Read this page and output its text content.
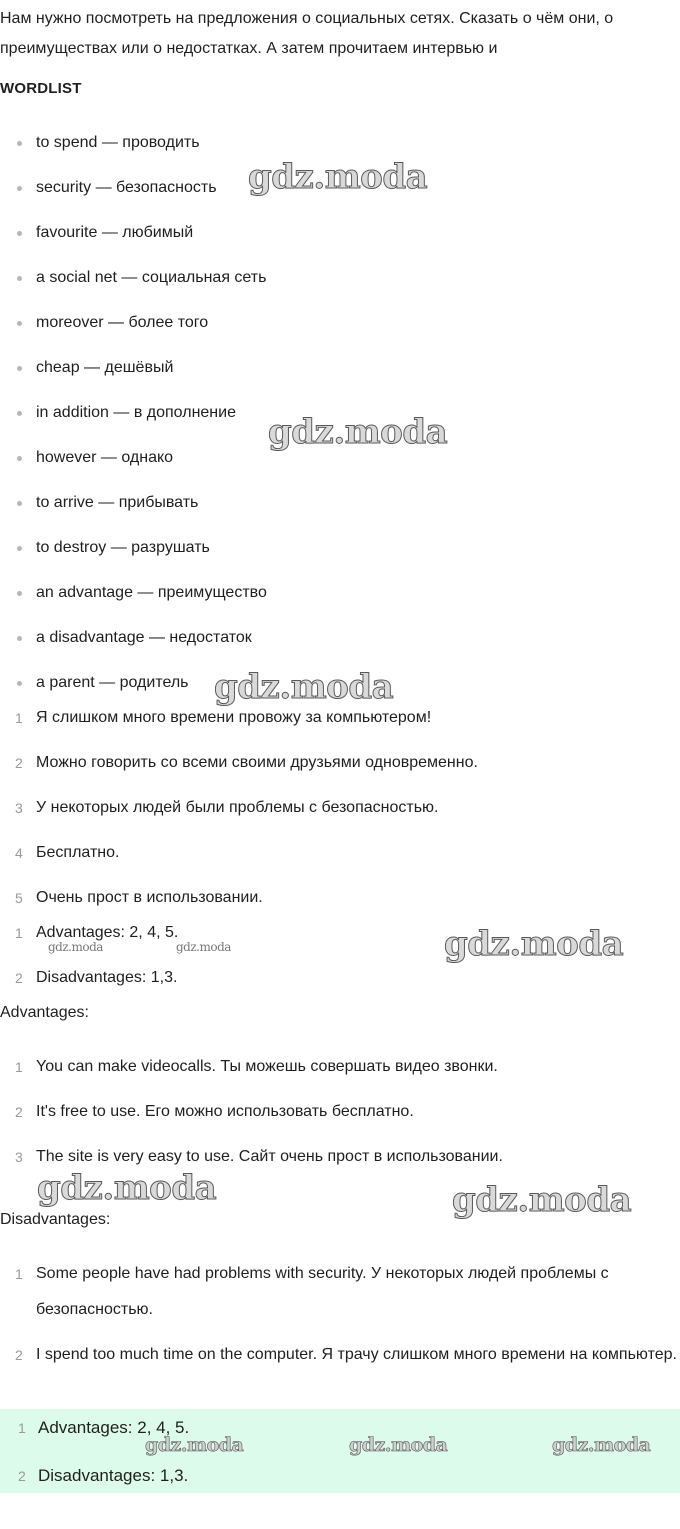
Нам нужно посмотреть на предложения о социальных сетях. Сказать о чём они, о преимуществах или о недостатках. А затем прочитаем интервью и

WORDLIST
to spend — проводить
security — безопасность
favourite — любимый
a social net — социальная сеть
moreover — более того
cheap — дешёвый
in addition — в дополнение
however — однако
to arrive — прибывать
to destroy — разрушать
an advantage — преимущество
a disadvantage — недостаток
a parent — родитель
1 Я слишком много времени провожу за компьютером!
2 Можно говорить со всеми своими друзьями одновременно.
3 У некоторых людей были проблемы с безопасностью.
4 Бесплатно.
5 Очень прост в использовании.
1 Advantages: 2, 4, 5.
2 Disadvantages: 1,3.

Advantages:

1 You can make videocalls. Ты можешь совершать видео звонки.
2 It's free to use. Его можно использовать бесплатно.
3 The site is very easy to use. Сайт очень прост в использовании.

Disadvantages:

1 Some people have had problems with security. У некоторых людей проблемы с безопасностью.
2 I spend too much time on the computer. Я трачу слишком много времени на компьютер.
1 Advantages: 2, 4, 5.
2 Disadvantages: 1,3.
gdz.moda
gdz.moda
gdz.moda
gdz.moda
gdz.moda	gdz.moda
gdz.moda	gdz.moda
gdz.moda	gdz.moda	gdz.moda
